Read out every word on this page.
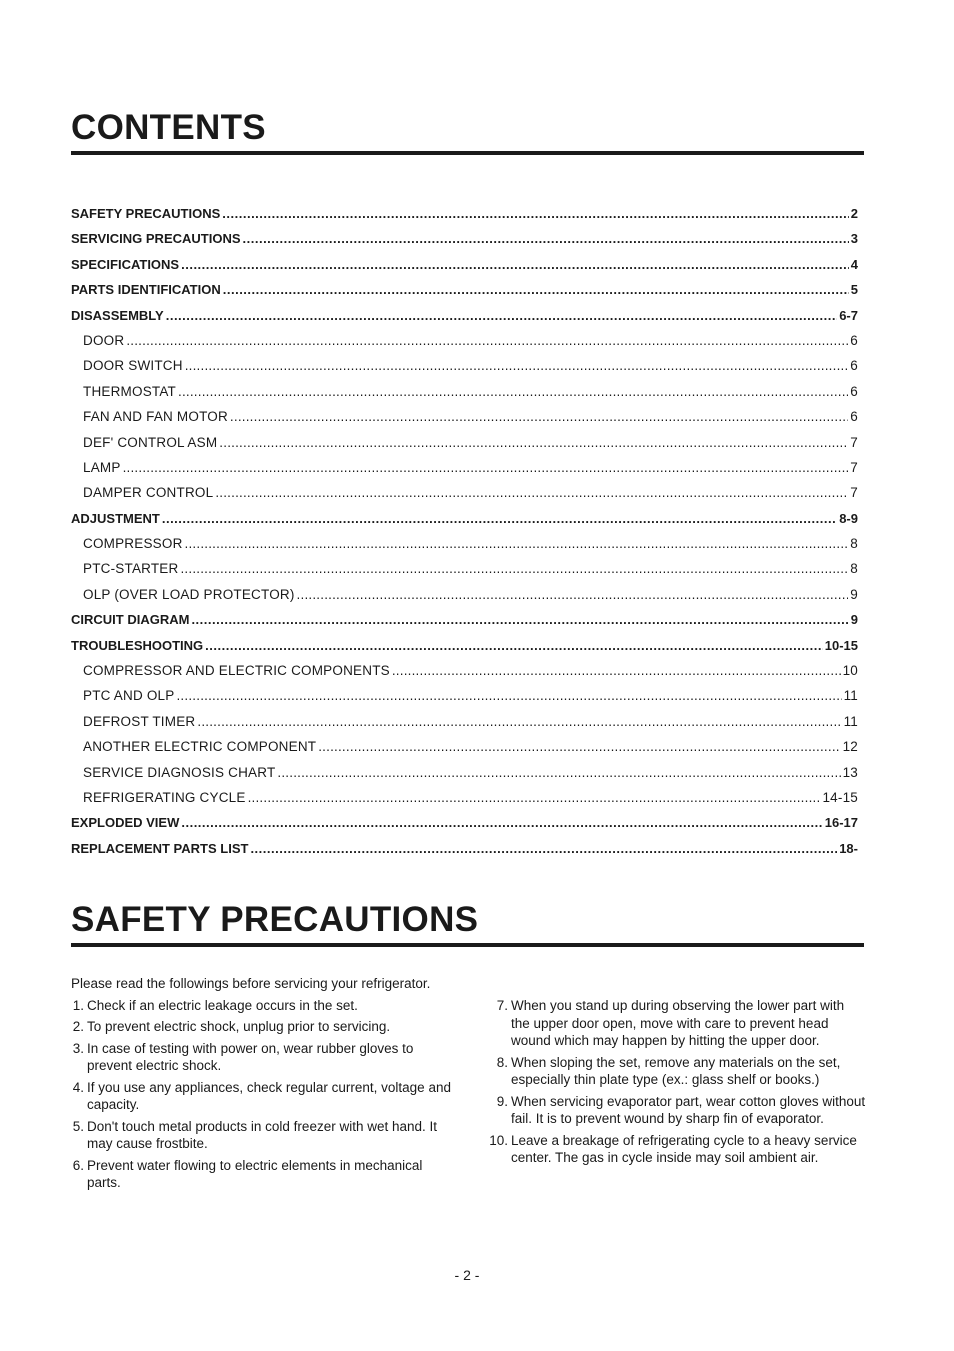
CONTENTS
SAFETY PRECAUTIONS .....	2
SERVICING PRECAUTIONS .....	3
SPECIFICATIONS .....	4
PARTS IDENTIFICATION .....	5
DISASSEMBLY .....	6-7
DOOR .....	6
DOOR SWITCH .....	6
THERMOSTAT .....	6
FAN AND FAN MOTOR .....	6
DEF' CONTROL ASM .....	7
LAMP .....	7
DAMPER CONTROL .....	7
ADJUSTMENT .....	8-9
COMPRESSOR .....	8
PTC-STARTER .....	8
OLP (OVER LOAD PROTECTOR) .....	9
CIRCUIT DIAGRAM .....	9
TROUBLESHOOTING .....	10-15
COMPRESSOR AND ELECTRIC COMPONENTS .....	10
PTC AND OLP .....	11
DEFROST TIMER .....	11
ANOTHER ELECTRIC COMPONENT .....	12
SERVICE DIAGNOSIS CHART .....	13
REFRIGERATING CYCLE .....	14-15
EXPLODED VIEW .....	16-17
REPLACEMENT PARTS LIST .....	18-
SAFETY PRECAUTIONS

Please read the followings before servicing your refrigerator.

1. Check if an electric leakage occurs in the set.
2. To prevent electric shock, unplug prior to servicing.
3. In case of testing with power on, wear rubber gloves to prevent electric shock.
4. If you use any appliances, check regular current, voltage and capacity.
5. Don't touch metal products in cold freezer with wet hand. It may cause frostbite.
6. Prevent water flowing to electric elements in mechanical parts.
7. When you stand up during observing the lower part with the upper door open, move with care to prevent head wound which may happen by hitting the upper door.
8. When sloping the set, remove any materials on the set, especially thin plate type (ex.: glass shelf or books.)
9. When servicing evaporator part, wear cotton gloves without fail. It is to prevent wound by sharp fin of evaporator.
10. Leave a breakage of refrigerating cycle to a heavy service center. The gas in cycle inside may soil ambient air.
- 2 -
